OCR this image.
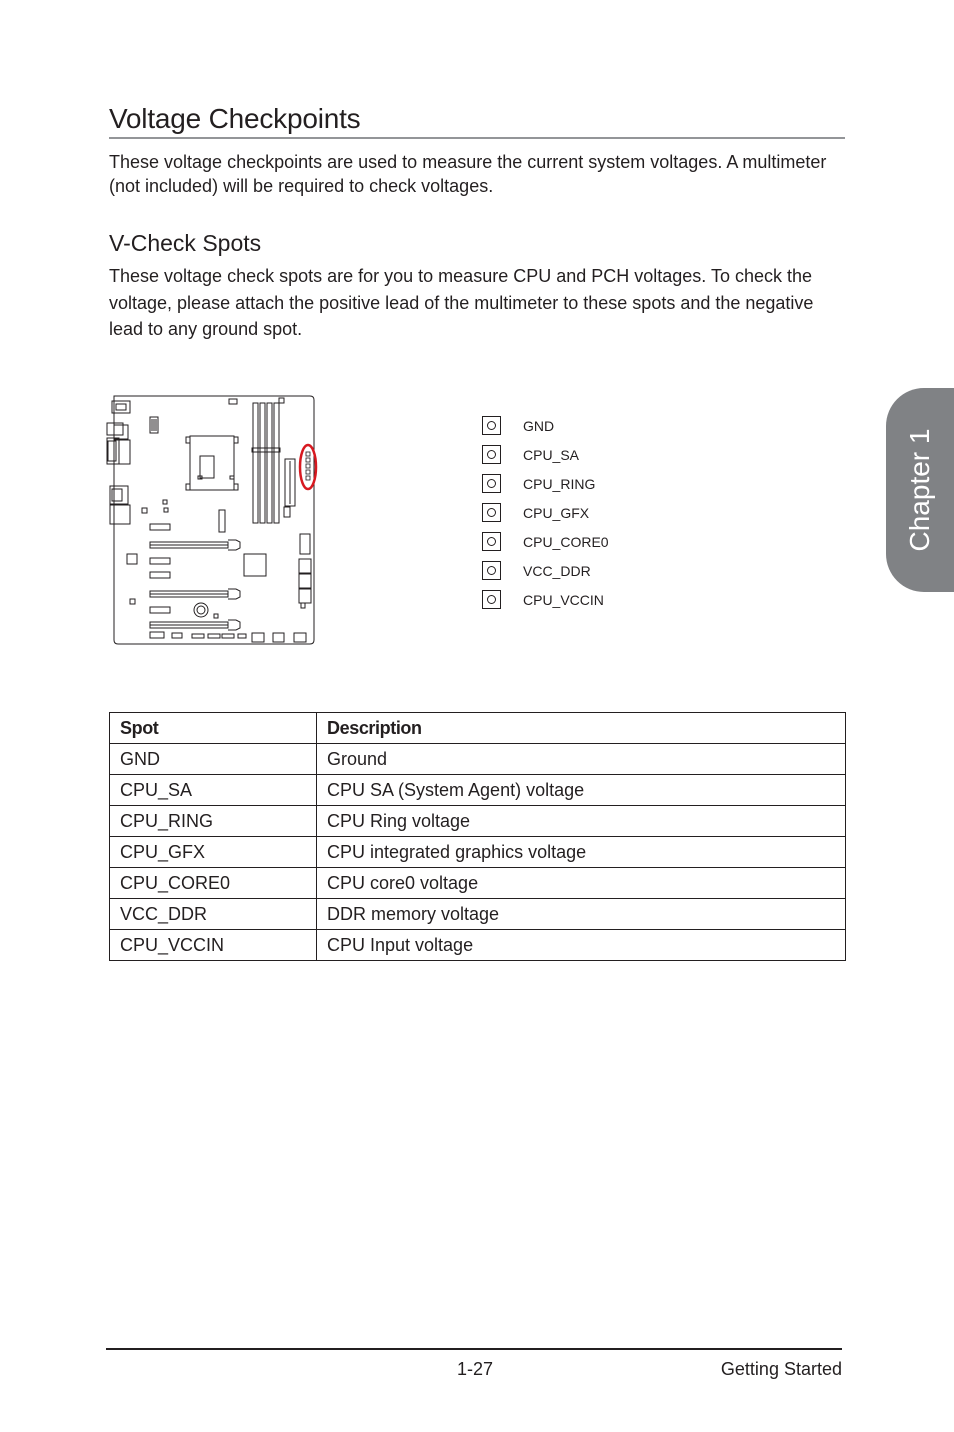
Voltage Checkpoints
These voltage checkpoints are used to measure the current system voltages. A multimeter (not included) will be required to check voltages.
V-Check Spots
These voltage check spots are for you to measure CPU and PCH voltages. To check the voltage, please attach the positive lead of the multimeter to these spots and the negative lead to any ground spot.
GND
CPU_SA
CPU_RING
CPU_GFX
CPU_CORE0
VCC_DDR
CPU_VCCIN
Spot	Description
GND	Ground
CPU_SA	CPU SA (System Agent) voltage
CPU_RING	CPU Ring voltage
CPU_GFX	CPU integrated graphics voltage
CPU_CORE0	CPU core0 voltage
VCC_DDR	DDR memory voltage
CPU_VCCIN	CPU Input voltage
Chapter 1
1-27	Getting Started
